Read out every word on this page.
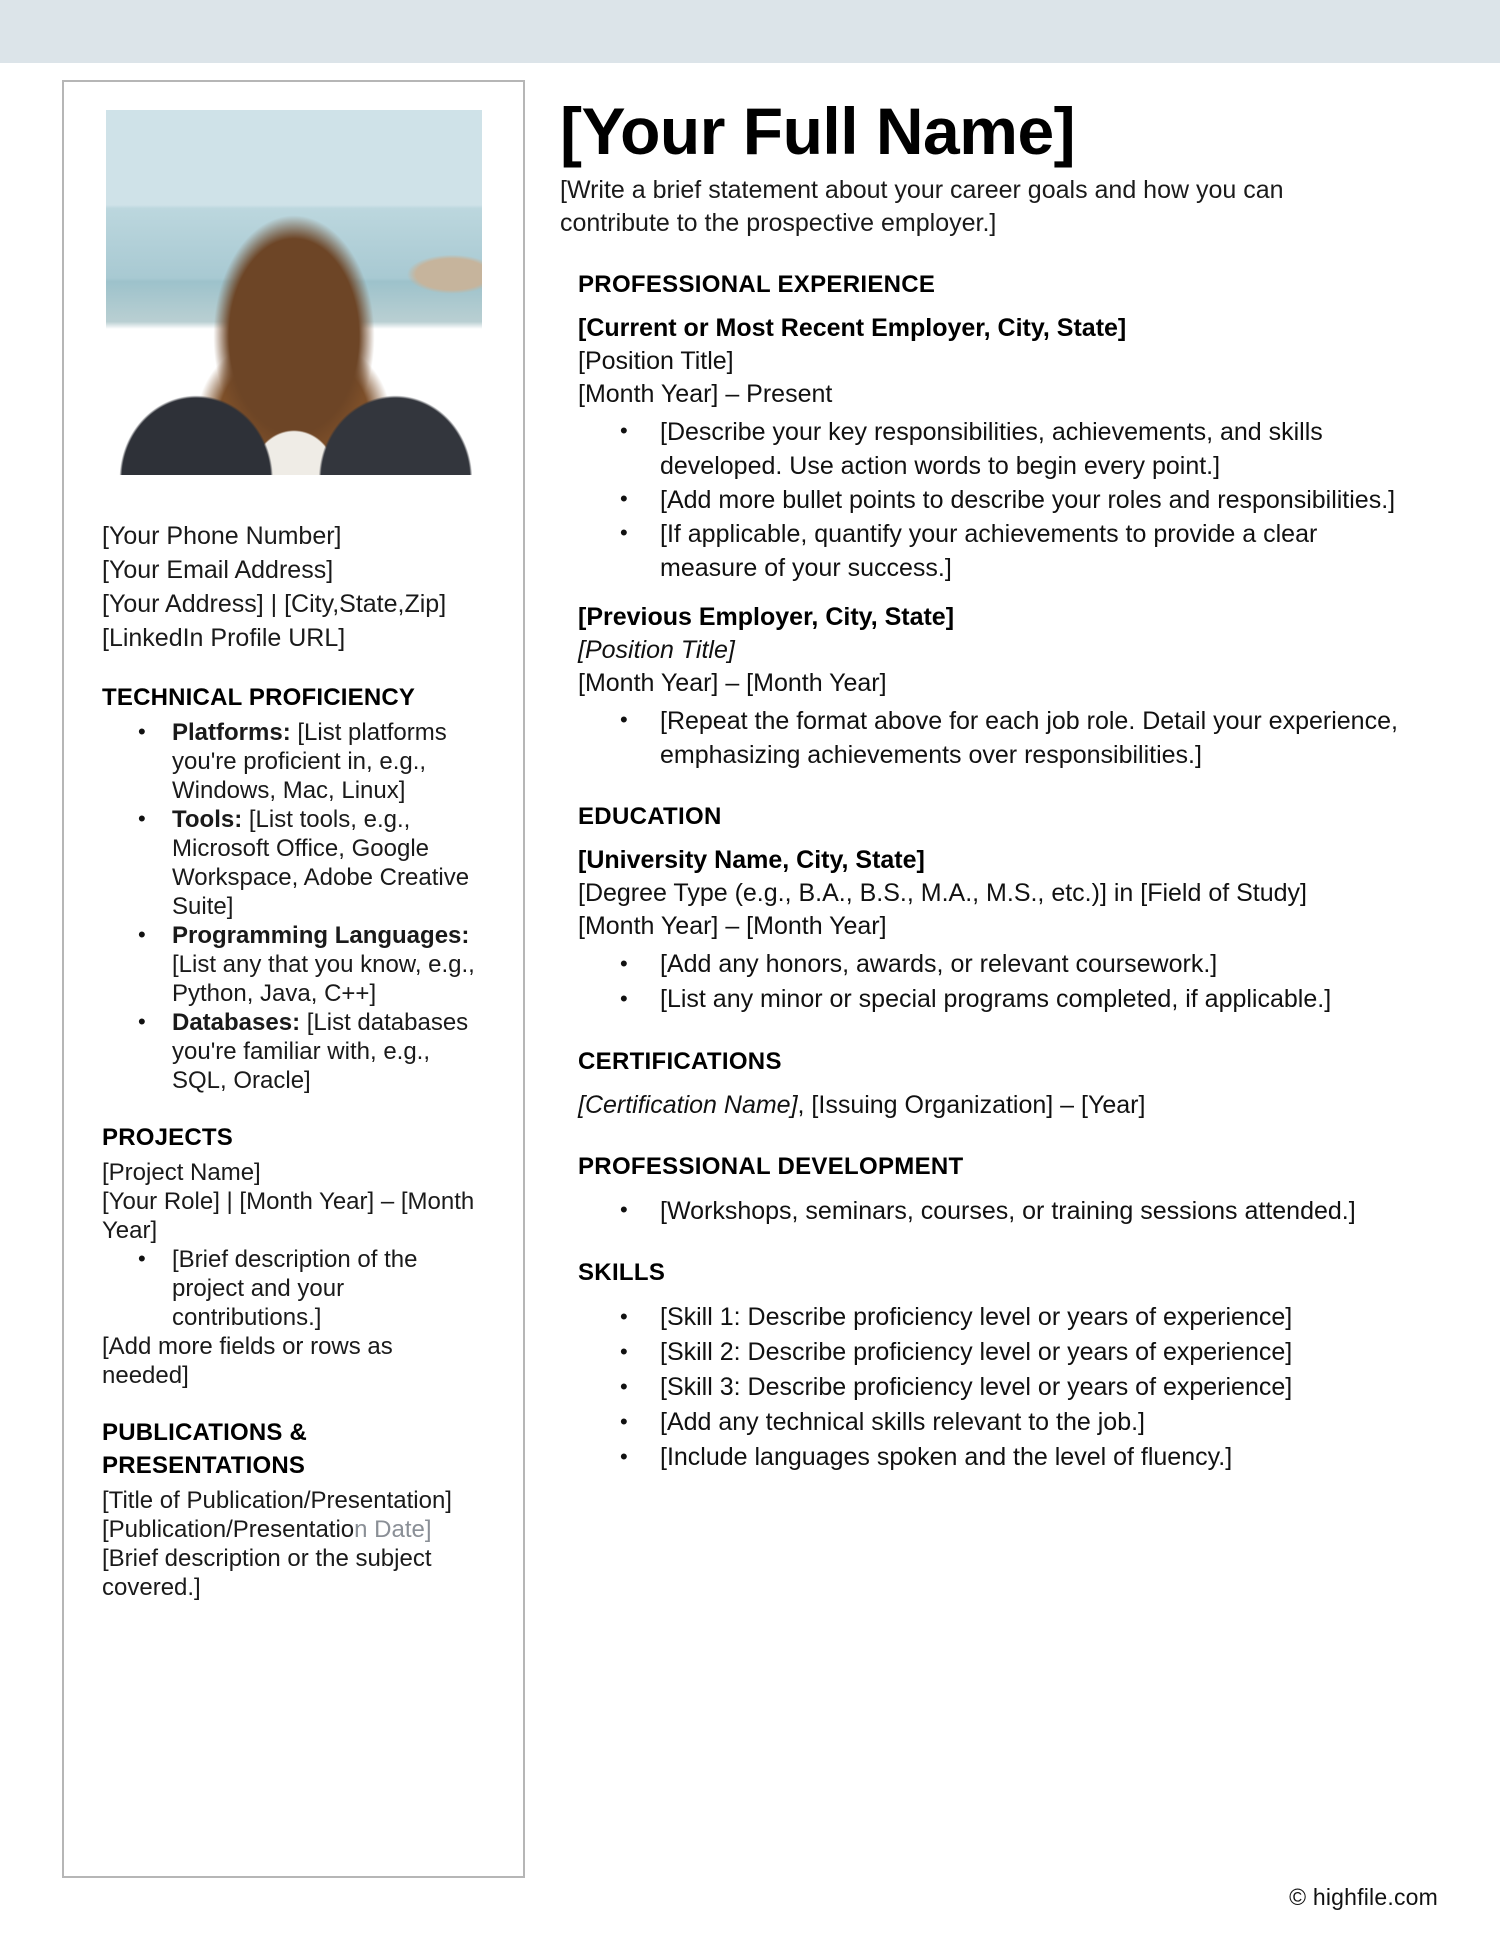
[Your Phone Number]
[Your Email Address]
[Your Address] | [City,State,Zip]
[LinkedIn Profile URL]
TECHNICAL PROFICIENCY
• Platforms: [List platforms you're proficient in, e.g., Windows, Mac, Linux]
• Tools: [List tools, e.g., Microsoft Office, Google Workspace, Adobe Creative Suite]
• Programming Languages: [List any that you know, e.g., Python, Java, C++]
• Databases: [List databases you're familiar with, e.g., SQL, Oracle]
PROJECTS
[Project Name]
[Your Role] | [Month Year] – [Month Year]
• [Brief description of the project and your contributions.]
[Add more fields or rows as needed]
PUBLICATIONS &
PRESENTATIONS
[Title of Publication/Presentation]
[Publication/Presentation Date]
[Brief description or the subject covered.]
[Your Full Name]

[Write a brief statement about your career goals and how you can contribute to the prospective employer.]

PROFESSIONAL EXPERIENCE
[Current or Most Recent Employer, City, State]
[Position Title]
[Month Year] – Present
• [Describe your key responsibilities, achievements, and skills developed. Use action words to begin every point.]
• [Add more bullet points to describe your roles and responsibilities.]
• [If applicable, quantify your achievements to provide a clear measure of your success.]
[Previous Employer, City, State]
[Position Title]
[Month Year] – [Month Year]
• [Repeat the format above for each job role. Detail your experience, emphasizing achievements over responsibilities.]
EDUCATION
[University Name, City, State]
[Degree Type (e.g., B.A., B.S., M.A., M.S., etc.)] in [Field of Study]
[Month Year] – [Month Year]
• [Add any honors, awards, or relevant coursework.]
• [List any minor or special programs completed, if applicable.]
CERTIFICATIONS
[Certification Name], [Issuing Organization] – [Year]
PROFESSIONAL DEVELOPMENT
• [Workshops, seminars, courses, or training sessions attended.]
SKILLS
• [Skill 1: Describe proficiency level or years of experience]
• [Skill 2: Describe proficiency level or years of experience]
• [Skill 3: Describe proficiency level or years of experience]
• [Add any technical skills relevant to the job.]
• [Include languages spoken and the level of fluency.]
© highfile.com
